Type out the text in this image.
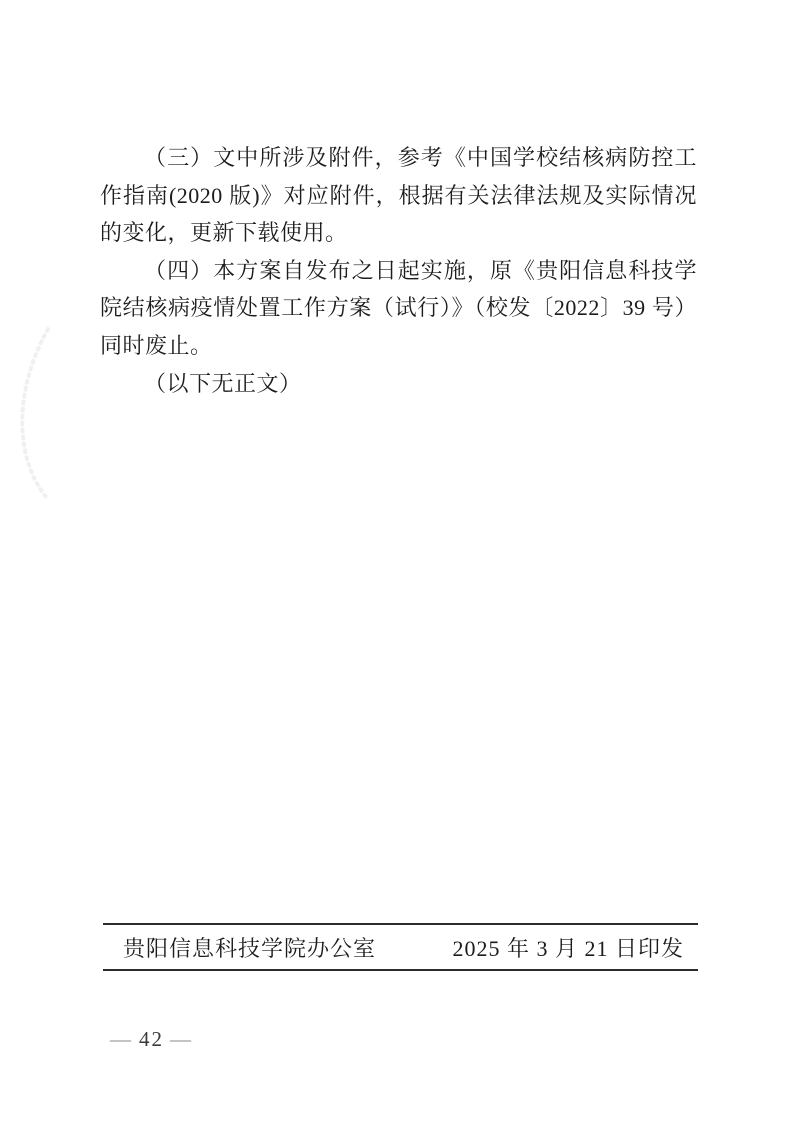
（三）文中所涉及附件，参考《中国学校结核病防控工作指南(2020 版)》对应附件，根据有关法律法规及实际情况的变化，更新下载使用。

（四）本方案自发布之日起实施，原《贵阳信息科技学院结核病疫情处置工作方案（试行）》（校发〔2022〕39 号）同时废止。

（以下无正文）

贵阳信息科技学院办公室	2025 年 3 月 21 日印发
— 42 —
